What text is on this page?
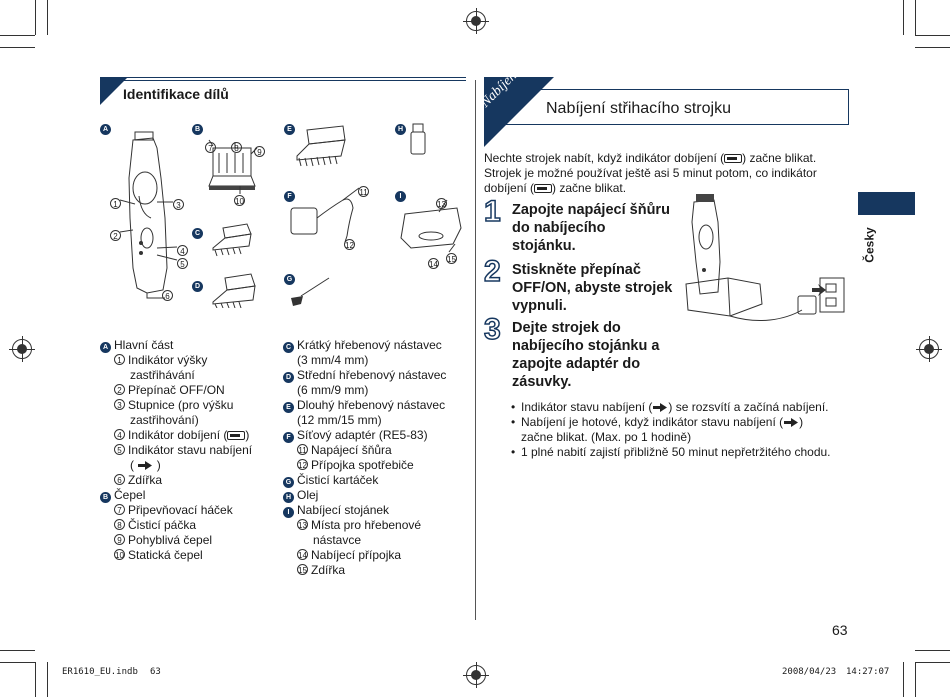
Identifikace dílů	Nabíjení Nabíjení střihacího strojku
A	B	E	H
C
F	I
D
G
1
2
3
4
5
6
7	8	9
10
11
12
13
14
15
A Hlavní část
1 Indikátor výšky
zastřihávání
2 Přepínač OFF/ON
3 Stupnice (pro výšku
zastřihování)
4 Indikátor dobíjení ( )
5 Indikátor stavu nabíjení
( )
6 Zdířka
B Čepel
7 Připevňovací háček
8 Čisticí páčka
9 Pohyblivá čepel
10 Statická čepel
C Krátký hřebenový nástavec
(3 mm/4 mm)
D Střední hřebenový nástavec
(6 mm/9 mm)
E Dlouhý hřebenový nástavec
(12 mm/15 mm)
F Síťový adaptér (RE5-83)
11 Napájecí šňůra
12 Přípojka spotřebiče
G Čisticí kartáček
H Olej
I Nabíjecí stojánek
13 Místa pro hřebenové
nástavce
14 Nabíjecí přípojka
15 Zdířka
Nechte strojek nabít, když indikátor dobíjení ( ) začne blikat.
Strojek je možné používat ještě asi 5 minut potom, co indikátor
dobíjení ( ) začne blikat.
1 Zapojte napájecí šňůru
do nabíjecího
stojánku.
2 Stiskněte přepínač
OFF/ON, abyste strojek
vypnuli.
3 Dejte strojek do
nabíjecího stojánku a
zapojte adaptér do
zásuvky.
• Indikátor stavu nabíjení ( ) se rozsvítí a začíná nabíjení.
• Nabíjení je hotové, když indikátor stavu nabíjení ( )
začne blikat. (Max. po 1 hodině)
• 1 plné nabití zajistí přibližně 50 minut nepřetržitého chodu.
Česky
63
ER1610_EU.indb 63	2008/04/23 14:27:07
